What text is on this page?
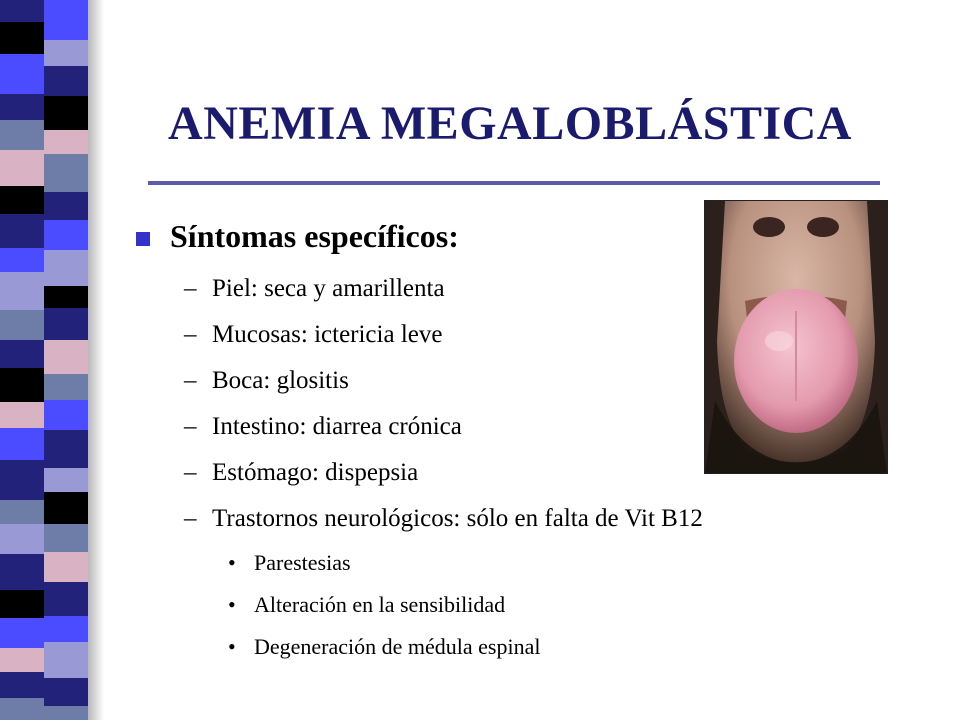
ANEMIA MEGALOBLÁSTICA
Síntomas específicos:
– Piel: seca y amarillenta
– Mucosas: ictericia leve
– Boca: glositis
– Intestino: diarrea crónica
– Estómago: dispepsia
– Trastornos neurológicos: sólo en falta de Vit B12
• Parestesias
• Alteración en la sensibilidad
• Degeneración de médula espinal
